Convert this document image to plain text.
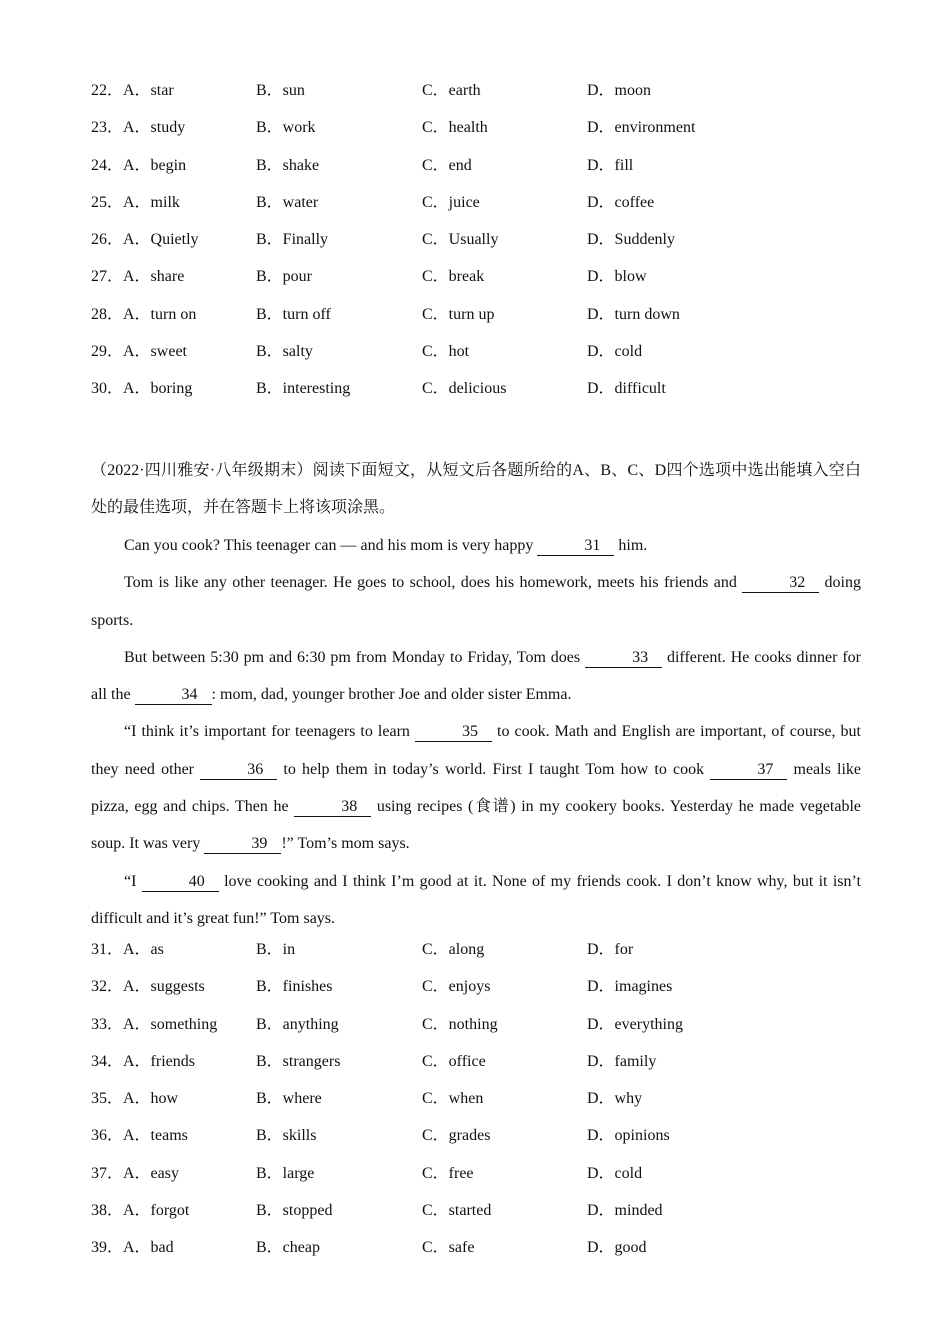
22． A．star	B．sun	C．earth	D．moon
23． A．study	B．work	C．health	D．environment
24． A．begin	B．shake	C．end	D．fill
25． A．milk	B．water	C．juice	D．coffee
26． A．Quietly	B．Finally	C．Usually	D．Suddenly
27． A．share	B．pour	C．break	D．blow
28． A．turn on	B．turn off	C．turn up	D．turn down
29． A．sweet	B．salty	C．hot	D．cold
30． A．boring	B．interesting	C．delicious	D．difficult
（2022·四川雅安·八年级期末）阅读下面短文，从短文后各题所给的A、B、C、D四个选项中选出能填入空白处的最佳选项，并在答题卡上将该项涂黑。

Can you cook? This teenager can — and his mom is very happy	31 him.

Tom is like any other teenager. He goes to school, does his homework, meets his friends and	32 doing sports.

But between 5:30 pm and 6:30 pm from Monday to Friday, Tom does	33 different. He cooks dinner for all the	34 : mom, dad, younger brother Joe and older sister Emma.

“I think it’s important for teenagers to learn	35 to cook. Math and English are important, of course, but they need other	36 to help them in today’s world. First I taught Tom how to cook	37 meals like pizza, egg and chips. Then he	38 using recipes (食谱) in my cookery books. Yesterday he made vegetable soup. It was very	39 !” Tom’s mom says.

“I	40 love cooking and I think I’m good at it. None of my friends cook. I don’t know why, but it isn’t difficult and it’s great fun!” Tom says.

31． A．as	B．in	C．along	D．for
32． A．suggests	B．finishes	C．enjoys	D．imagines
33． A．something B．anything	C．nothing	D．everything
34． A．friends	B．strangers	C．office	D．family
35． A．how	B．where	C．when	D．why
36． A．teams	B．skills	C．grades	D．opinions
37． A．easy	B．large	C．free	D．cold
38． A．forgot	B．stopped	C．started	D．minded
39． A．bad	B．cheap	C．safe	D．good
